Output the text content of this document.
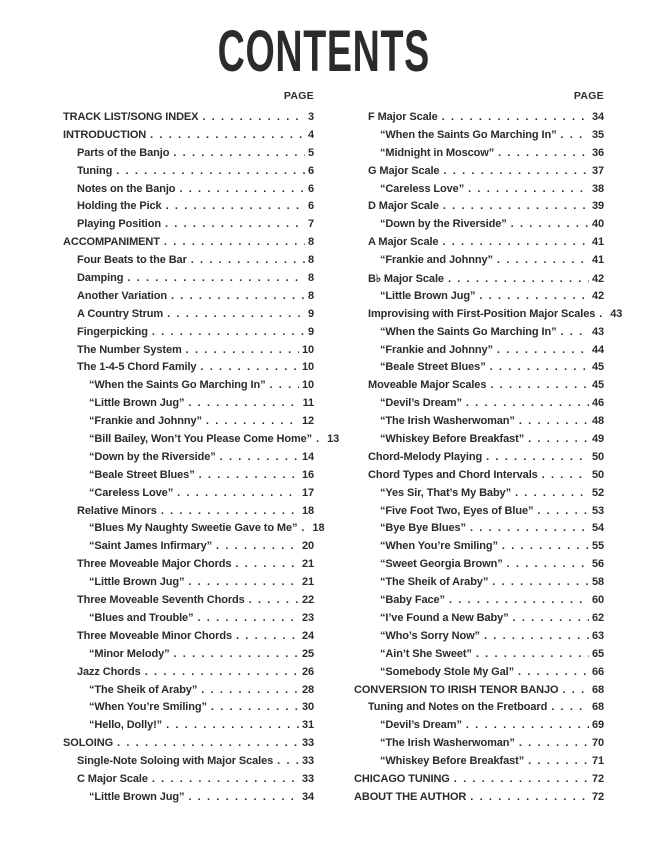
CONTENTS
PAGE
TRACK LIST/SONG INDEX . . .	3
INTRODUCTION . . .	4
Parts of the Banjo . . .	5
Tuning . . .	6
Notes on the Banjo . . .	6
Holding the Pick . . .	6
Playing Position . . .	7
ACCOMPANIMENT . . .	8
Four Beats to the Bar . . .	8
Damping . . .	8
Another Variation . . .	8
A Country Strum . . .	9
Fingerpicking . . .	9
The Number System . . .	10
The 1-4-5 Chord Family . . .	10
“When the Saints Go Marching In” . . .	10
“Little Brown Jug” . . .	11
“Frankie and Johnny” . . .	12
“Bill Bailey, Won’t You Please Come Home” . . . 13
“Down by the Riverside” . . .	14
“Beale Street Blues” . . .	16
“Careless Love” . . .	17
Relative Minors . . .	18
“Blues My Naughty Sweetie Gave to Me” . . . 18
“Saint James Infirmary” . . .	20
Three Moveable Major Chords . . .	21
“Little Brown Jug” . . .	21
Three Moveable Seventh Chords . . .	22
“Blues and Trouble” . . .	23
Three Moveable Minor Chords . . .	24
“Minor Melody” . . .	25
Jazz Chords . . .	26
“The Sheik of Araby” . . .	28
“When You’re Smiling” . . .	30
“Hello, Dolly!” . . .	31
SOLOING . . .	33
Single-Note Soloing with Major Scales . . .	33
C Major Scale . . .	33
“Little Brown Jug” . . .	34
PAGE
F Major Scale . . .	34
“When the Saints Go Marching In” . . .	35
“Midnight in Moscow” . . .	36
G Major Scale . . .	37
“Careless Love” . . .	38
D Major Scale . . .	39
“Down by the Riverside” . . .	40
A Major Scale . . .	41
“Frankie and Johnny” . . .	41
B♭ Major Scale . . .	42
“Little Brown Jug” . . .	42
Improvising with First-Position Major Scales . . . 43
“When the Saints Go Marching In” . . .	43
“Frankie and Johnny” . . .	44
“Beale Street Blues” . . .	45
Moveable Major Scales . . .	45
“Devil’s Dream” . . .	46
“The Irish Washerwoman” . . .	48
“Whiskey Before Breakfast” . . .	49
Chord-Melody Playing . . .	50
Chord Types and Chord Intervals . . .	50
“Yes Sir, That’s My Baby” . . .	52
“Five Foot Two, Eyes of Blue” . . .	53
“Bye Bye Blues” . . .	54
“When You’re Smiling” . . .	55
“Sweet Georgia Brown” . . .	56
“The Sheik of Araby” . . .	58
“Baby Face” . . .	60
“I’ve Found a New Baby” . . .	62
“Who’s Sorry Now” . . .	63
“Ain’t She Sweet” . . .	65
“Somebody Stole My Gal” . . .	66
CONVERSION TO IRISH TENOR BANJO . . .	68
Tuning and Notes on the Fretboard . . .	68
“Devil’s Dream” . . .	69
“The Irish Washerwoman” . . .	70
“Whiskey Before Breakfast” . . .	71
CHICAGO TUNING . . .	72
ABOUT THE AUTHOR . . .	72
